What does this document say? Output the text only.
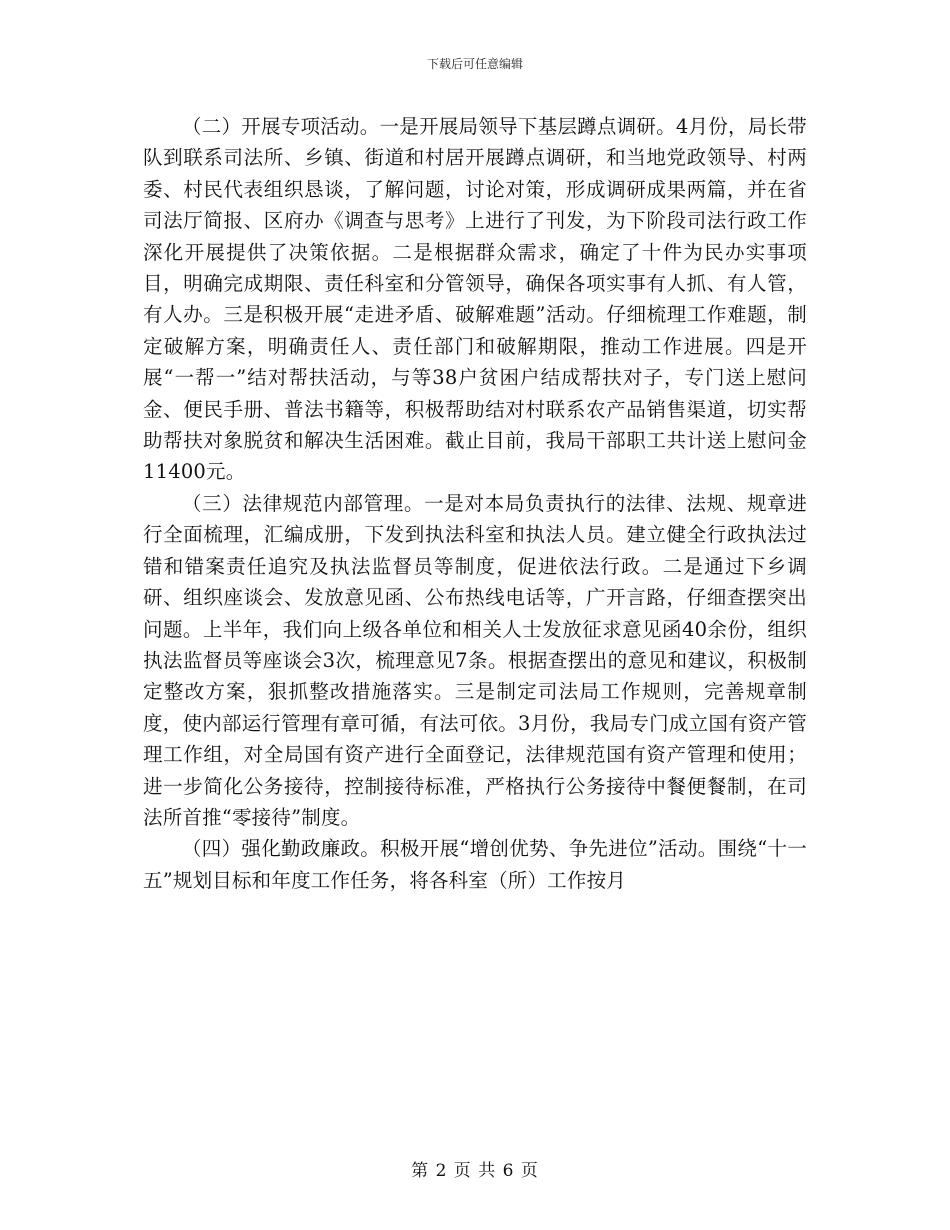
下载后可任意编辑

（二）开展专项活动。一是开展局领导下基层蹲点调研。4月份，局长带队到联系司法所、乡镇、街道和村居开展蹲点调研，和当地党政领导、村两委、村民代表组织恳谈，了解问题，讨论对策，形成调研成果两篇，并在省司法厅简报、区府办《调查与思考》上进行了刊发，为下阶段司法行政工作深化开展提供了决策依据。二是根据群众需求，确定了十件为民办实事项目，明确完成期限、责任科室和分管领导，确保各项实事有人抓、有人管，有人办。三是积极开展“走进矛盾、破解难题”活动。仔细梳理工作难题，制定破解方案，明确责任人、责任部门和破解期限，推动工作进展。四是开展“一帮一”结对帮扶活动，与等38户贫困户结成帮扶对子，专门送上慰问金、便民手册、普法书籍等，积极帮助结对村联系农产品销售渠道，切实帮助帮扶对象脱贫和解决生活困难。截止目前，我局干部职工共计送上慰问金11400元。

（三）法律规范内部管理。一是对本局负责执行的法律、法规、规章进行全面梳理，汇编成册，下发到执法科室和执法人员。建立健全行政执法过错和错案责任追究及执法监督员等制度，促进依法行政。二是通过下乡调研、组织座谈会、发放意见函、公布热线电话等，广开言路，仔细查摆突出问题。上半年，我们向上级各单位和相关人士发放征求意见函40余份，组织执法监督员等座谈会3次，梳理意见7条。根据查摆出的意见和建议，积极制定整改方案，狠抓整改措施落实。三是制定司法局工作规则，完善规章制度，使内部运行管理有章可循，有法可依。3月份，我局专门成立国有资产管理工作组，对全局国有资产进行全面登记，法律规范国有资产管理和使用；进一步简化公务接待，控制接待标准，严格执行公务接待中餐便餐制，在司法所首推“零接待”制度。

（四）强化勤政廉政。积极开展“增创优势、争先进位”活动。围绕“十一五”规划目标和年度工作任务，将各科室（所）工作按月

第 2 页 共 6 页
